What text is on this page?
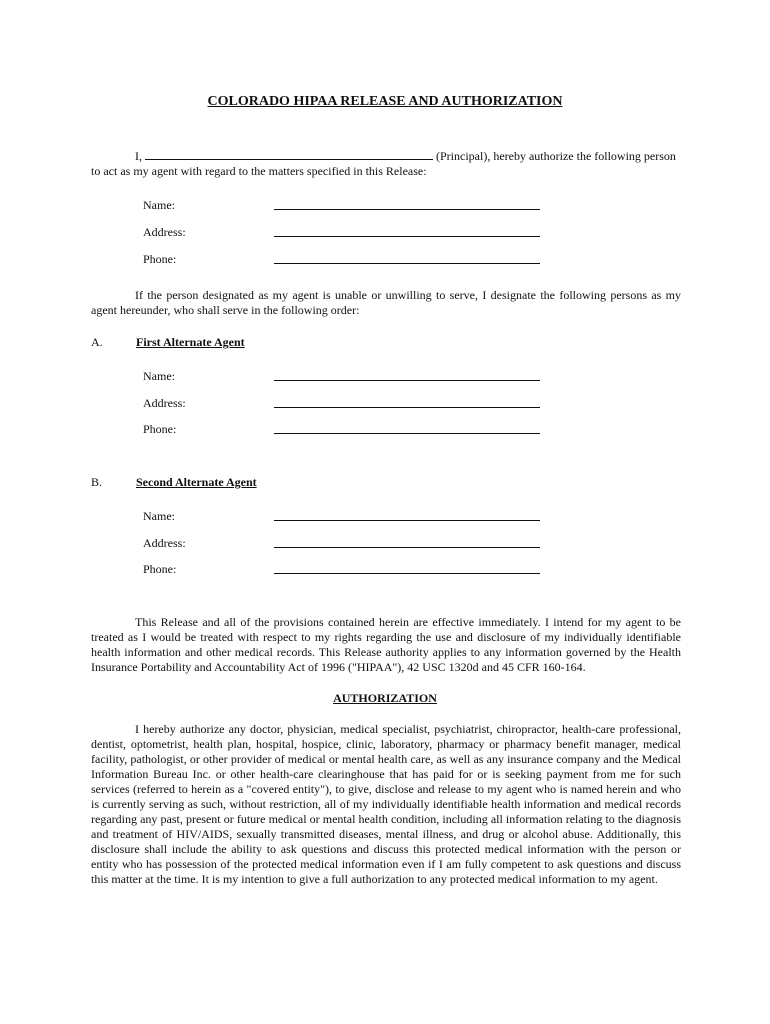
COLORADO HIPAA RELEASE AND AUTHORIZATION
I,	(Principal), hereby authorize the following person
to act as my agent with regard to the matters specified in this Release:
Name:
Address:
Phone:
If the person designated as my agent is unable or unwilling to serve, I designate the following persons as my agent hereunder, who shall serve in the following order:
A.	First Alternate Agent
Name:
Address:
Phone:
B.	Second Alternate Agent
Name:
Address:
Phone:
This Release and all of the provisions contained herein are effective immediately. I intend for my agent to be treated as I would be treated with respect to my rights regarding the use and disclosure of my individually identifiable health information and other medical records. This Release authority applies to any information governed by the Health Insurance Portability and Accountability Act of 1996 ("HIPAA"), 42 USC 1320d and 45 CFR 160-164.
AUTHORIZATION
I hereby authorize any doctor, physician, medical specialist, psychiatrist, chiropractor, health-care professional, dentist, optometrist, health plan, hospital, hospice, clinic, laboratory, pharmacy or pharmacy benefit manager, medical facility, pathologist, or other provider of medical or mental health care, as well as any insurance company and the Medical Information Bureau Inc. or other health-care clearinghouse that has paid for or is seeking payment from me for such services (referred to herein as a "covered entity"), to give, disclose and release to my agent who is named herein and who is currently serving as such, without restriction, all of my individually identifiable health information and medical records regarding any past, present or future medical or mental health condition, including all information relating to the diagnosis and treatment of HIV/AIDS, sexually transmitted diseases, mental illness, and drug or alcohol abuse. Additionally, this disclosure shall include the ability to ask questions and discuss this protected medical information with the person or entity who has possession of the protected medical information even if I am fully competent to ask questions and discuss this matter at the time. It is my intention to give a full authorization to any protected medical information to my agent.
